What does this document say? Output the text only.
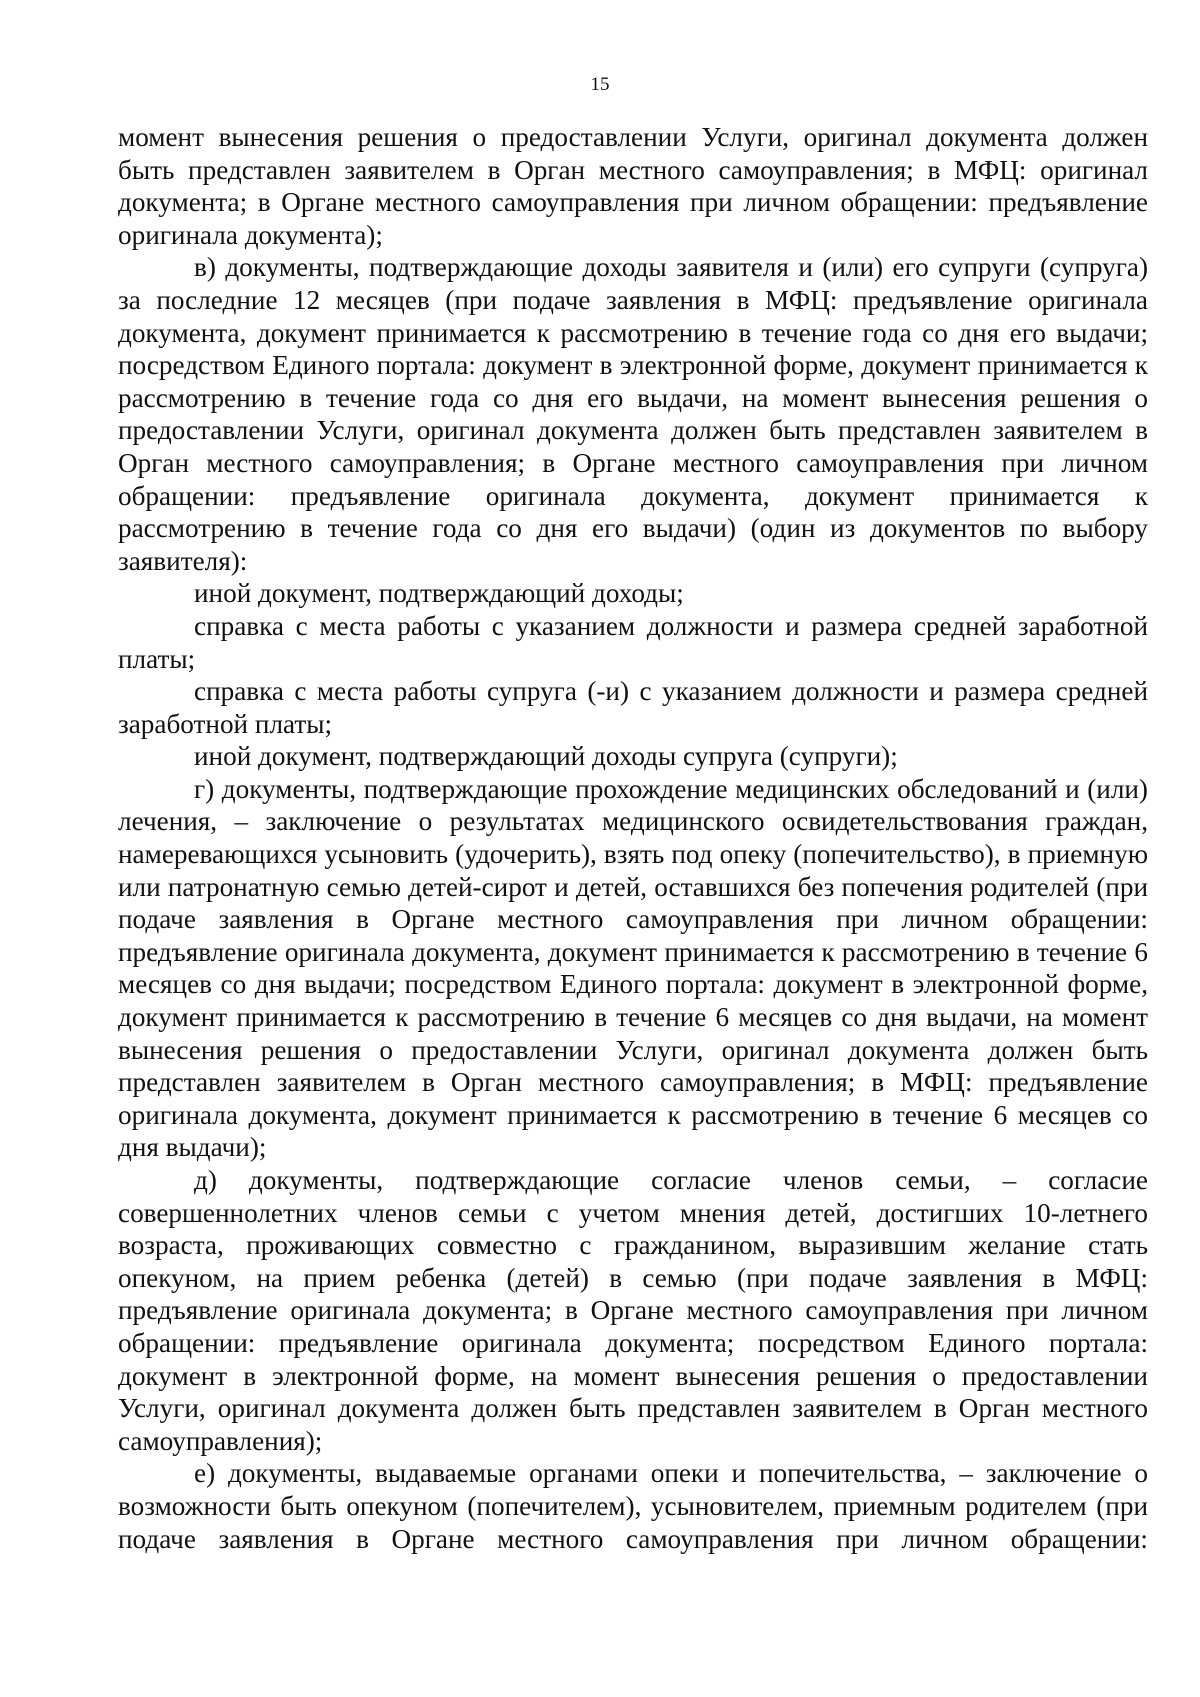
15

момент вынесения решения о предоставлении Услуги, оригинал документа должен быть представлен заявителем в Орган местного самоуправления; в МФЦ: оригинал документа; в Органе местного самоуправления при личном обращении: предъявление оригинала документа);

в) документы, подтверждающие доходы заявителя и (или) его супруги (супруга) за последние 12 месяцев (при подаче заявления в МФЦ: предъявление оригинала документа, документ принимается к рассмотрению в течение года со дня его выдачи; посредством Единого портала: документ в электронной форме, документ принимается к рассмотрению в течение года со дня его выдачи, на момент вынесения решения о предоставлении Услуги, оригинал документа должен быть представлен заявителем в Орган местного самоуправления; в Органе местного самоуправления при личном обращении: предъявление оригинала документа, документ принимается к рассмотрению в течение года со дня его выдачи) (один из документов по выбору заявителя):

иной документ, подтверждающий доходы;

справка с места работы с указанием должности и размера средней заработной платы;

справка с места работы супруга (-и) с указанием должности и размера средней заработной платы;

иной документ, подтверждающий доходы супруга (супруги);

г) документы, подтверждающие прохождение медицинских обследований и (или) лечения, – заключение о результатах медицинского освидетельствования граждан, намеревающихся усыновить (удочерить), взять под опеку (попечительство), в приемную или патронатную семью детей-сирот и детей, оставшихся без попечения родителей (при подаче заявления в Органе местного самоуправления при личном обращении: предъявление оригинала документа, документ принимается к рассмотрению в течение 6 месяцев со дня выдачи; посредством Единого портала: документ в электронной форме, документ принимается к рассмотрению в течение 6 месяцев со дня выдачи, на момент вынесения решения о предоставлении Услуги, оригинал документа должен быть представлен заявителем в Орган местного самоуправления; в МФЦ: предъявление оригинала документа, документ принимается к рассмотрению в течение 6 месяцев со дня выдачи);

д) документы, подтверждающие согласие членов семьи, – согласие совершеннолетних членов семьи с учетом мнения детей, достигших 10-летнего возраста, проживающих совместно с гражданином, выразившим желание стать опекуном, на прием ребенка (детей) в семью (при подаче заявления в МФЦ: предъявление оригинала документа; в Органе местного самоуправления при личном обращении: предъявление оригинала документа; посредством Единого портала: документ в электронной форме, на момент вынесения решения о предоставлении Услуги, оригинал документа должен быть представлен заявителем в Орган местного самоуправления);

е) документы, выдаваемые органами опеки и попечительства, – заключение о возможности быть опекуном (попечителем), усыновителем, приемным родителем (при подаче заявления в Органе местного самоуправления при личном обращении:
